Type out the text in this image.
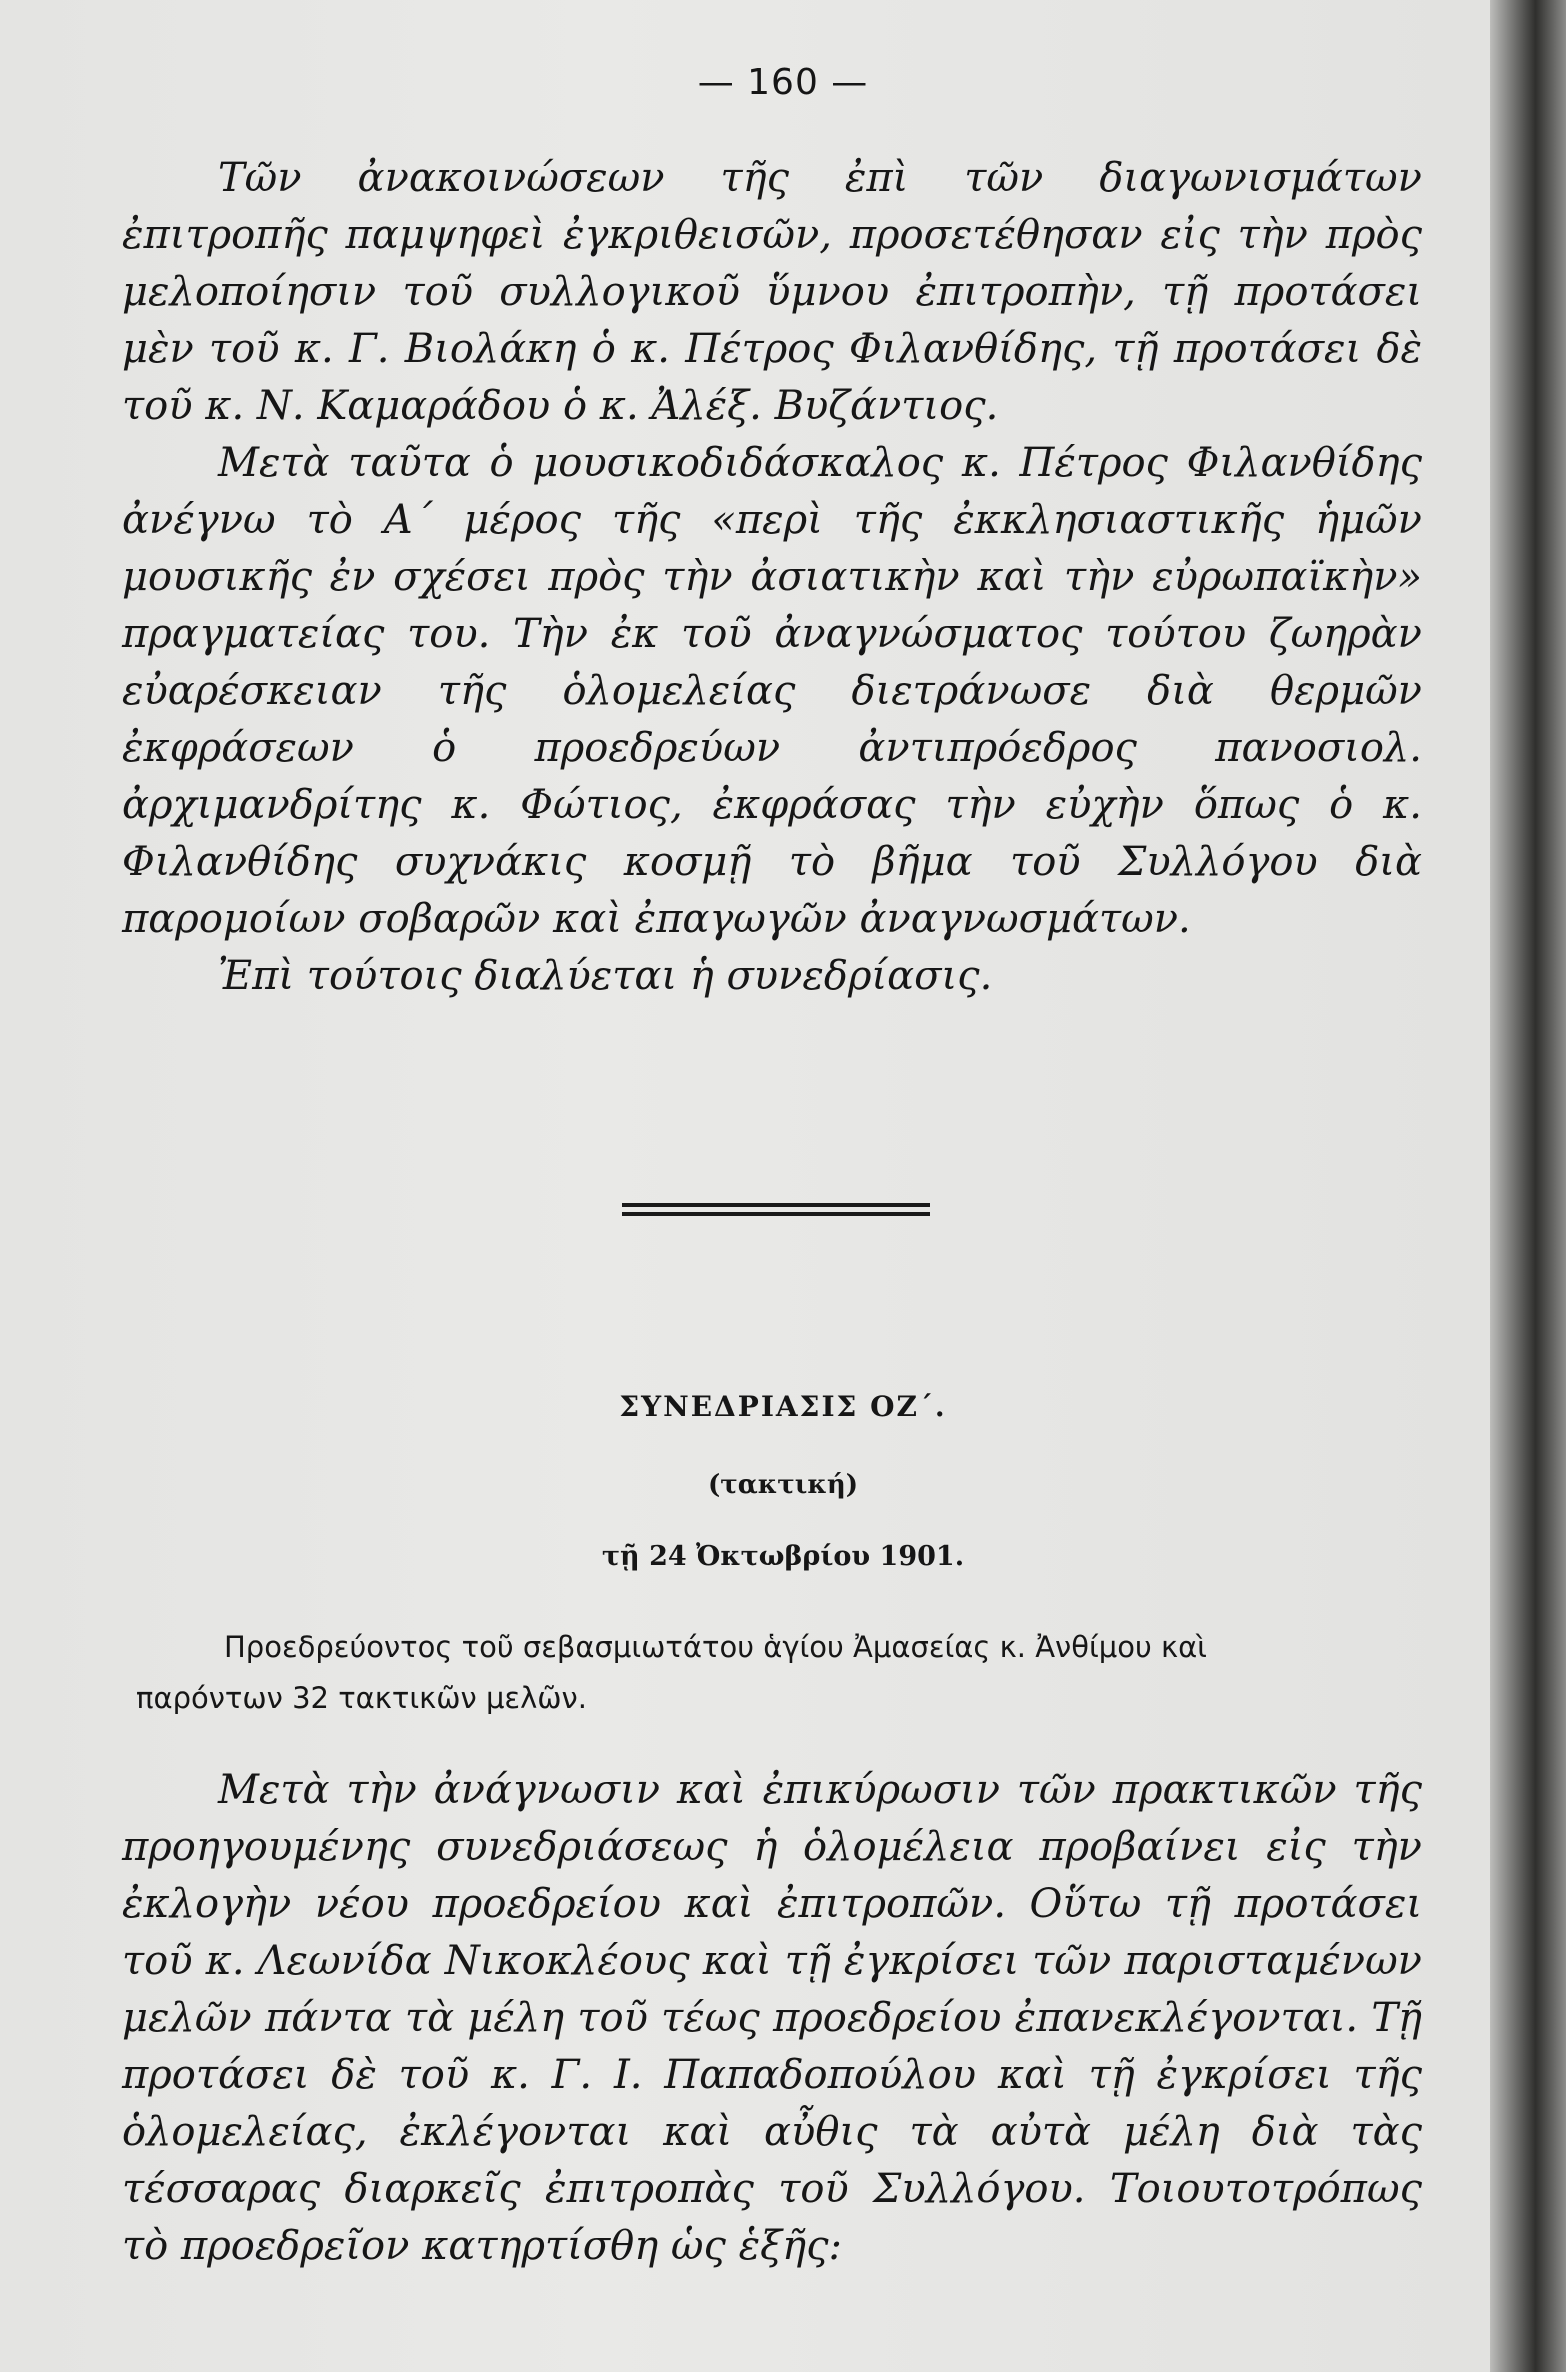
— 160 —

Τῶν ἀνακοινώσεων τῆς ἐπὶ τῶν διαγωνισμάτων ἐπιτροπῆς παμψηφεὶ ἐγκριθεισῶν, προσετέθησαν εἰς τὴν πρὸς μελοποίησιν τοῦ συλλογικοῦ ὕμνου ἐπιτροπὴν, τῇ προτάσει μὲν τοῦ κ. Γ. Βιολάκη ὁ κ. Πέτρος Φιλανθίδης, τῇ προτάσει δὲ τοῦ κ. Ν. Καμαράδου ὁ κ. Ἀλέξ. Βυζάντιος.

Μετὰ ταῦτα ὁ μουσικοδιδάσκαλος κ. Πέτρος Φιλανθίδης ἀνέγνω τὸ Α´ μέρος τῆς «περὶ τῆς ἐκκλησιαστικῆς ἡμῶν μουσικῆς ἐν σχέσει πρὸς τὴν ἀσιατικὴν καὶ τὴν εὐρωπαϊκὴν» πραγματείας του. Τὴν ἐκ τοῦ ἀναγνώσματος τούτου ζωηρὰν εὐαρέσκειαν τῆς ὁλομελείας διετράνωσε διὰ θερμῶν ἐκφράσεων ὁ προεδρεύων ἀντιπρόεδρος πανοσιολ. ἀρχιμανδρίτης κ. Φώτιος, ἐκφράσας τὴν εὐχὴν ὅπως ὁ κ. Φιλανθίδης συχνάκις κοσμῇ τὸ βῆμα τοῦ Συλλόγου διὰ παρομοίων σοβαρῶν καὶ ἐπαγωγῶν ἀναγνωσμάτων.

Ἐπὶ τούτοις διαλύεται ἡ συνεδρίασις.

ΣΥΝΕΔΡΙΑΣΙΣ ΟΖ´.
(τακτική)
τῇ 24 Ὀκτωβρίου 1901.

Προεδρεύοντος τοῦ σεβασμιωτάτου ἁγίου Ἀμασείας κ. Ἀνθίμου καὶ

παρόντων 32 τακτικῶν μελῶν.

Μετὰ τὴν ἀνάγνωσιν καὶ ἐπικύρωσιν τῶν πρακτικῶν τῆς προηγουμένης συνεδριάσεως ἡ ὁλομέλεια προβαίνει εἰς τὴν ἐκλογὴν νέου προεδρείου καὶ ἐπιτροπῶν. Οὕτω τῇ προτάσει τοῦ κ. Λεωνίδα Νικοκλέους καὶ τῇ ἐγκρίσει τῶν παρισταμένων μελῶν πάντα τὰ μέλη τοῦ τέως προεδρείου ἐπανεκλέγονται. Τῇ προτάσει δὲ τοῦ κ. Γ. Ι. Παπαδοπούλου καὶ τῇ ἐγκρίσει τῆς ὁλομελείας, ἐκλέγονται καὶ αὖθις τὰ αὐτὰ μέλη διὰ τὰς τέσσαρας διαρκεῖς ἐπιτροπὰς τοῦ Συλλόγου. Τοιουτοτρόπως τὸ προεδρεῖον κατηρτίσθη ὡς ἑξῆς:
